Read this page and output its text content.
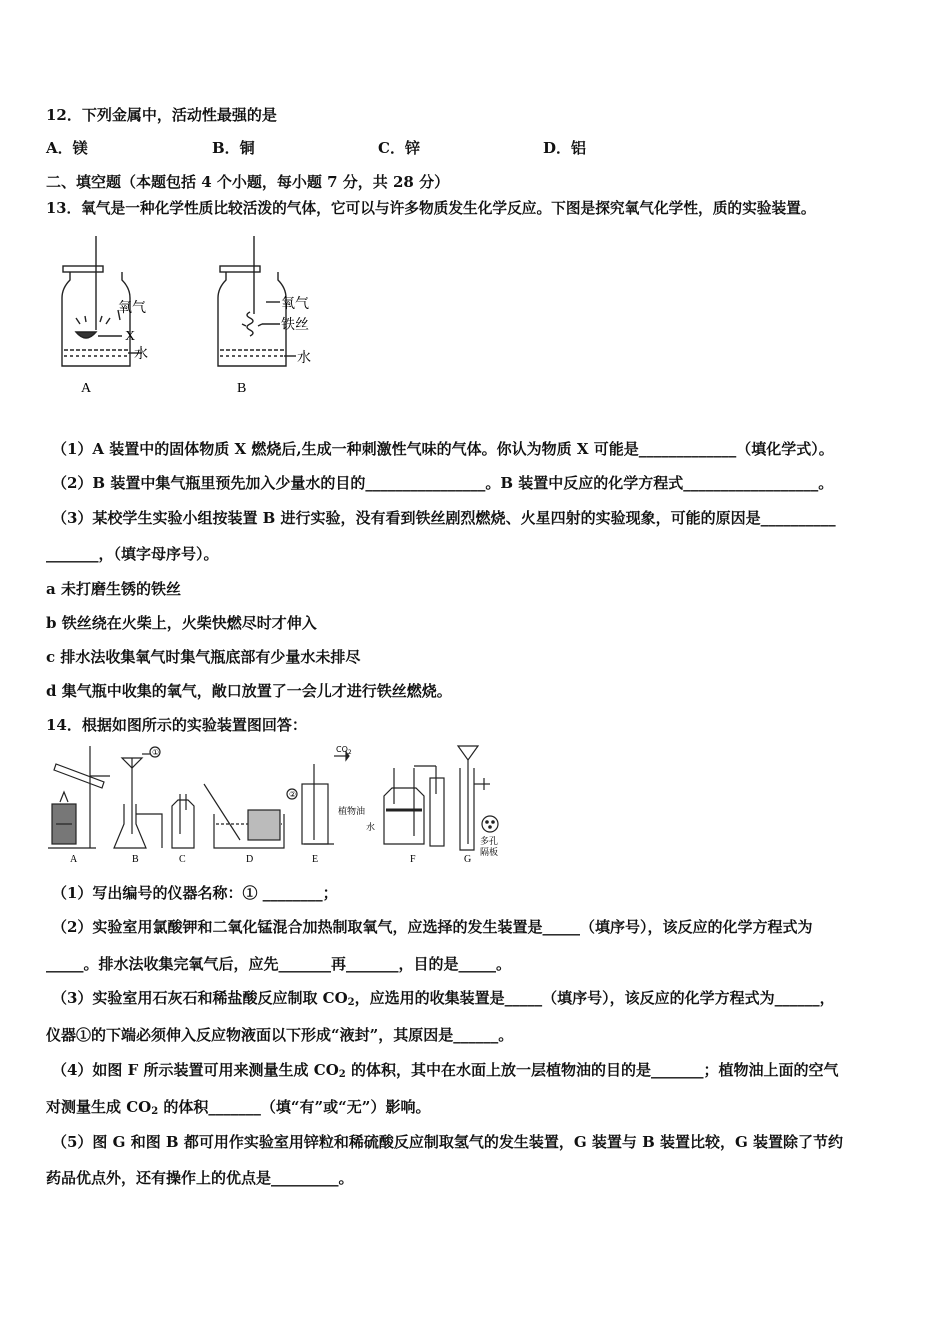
12．下列金属中，活动性最强的是
A．镁	B．铜	C．锌	D．铝
二、填空题（本题包括 4 个小题，每小题 7 分，共 28 分）
13．氧气是一种化学性质比较活泼的气体，它可以与许多物质发生化学反应。下图是探究氧气化学性，质的实验装置。
氧气
X
水
A
氧气
铁丝
水
B
（1）A 装置中的固体物质 X 燃烧后,生成一种刺激性气味的气体。你认为物质 X 可能是_____________（填化学式）。
（2）B 装置中集气瓶里预先加入少量水的目的________________。B 装置中反应的化学方程式__________________。
（3）某校学生实验小组按装置 B 进行实验，没有看到铁丝剧烈燃烧、火星四射的实验现象，可能的原因是__________
_______，（填字母序号）。
a 未打磨生锈的铁丝
b 铁丝绕在火柴上，火柴快燃尽时才伸入
c 排水法收集氧气时集气瓶底部有少量水未排尽
d 集气瓶中收集的氧气，敞口放置了一会儿才进行铁丝燃烧。
14．根据如图所示的实验装置图回答：
①
②
$CO_2$
植物油
水
多孔
隔板
A	B	C	D	E	F	G
（1）写出编号的仪器名称：① ________；
（2）实验室用氯酸钾和二氧化锰混合加热制取氧气，应选择的发生装置是_____（填序号），该反应的化学方程式为
_____。排水法收集完氧气后，应先_______再_______，目的是_____。
（3）实验室用石灰石和稀盐酸反应制取 $CO_2$，应选用的收集装置是_____（填序号），该反应的化学方程式为______，
仪器①的下端必须伸入反应物液面以下形成“液封”，其原因是______。
（4）如图 F 所示装置可用来测量生成 $CO_2$ 的体积，其中在水面上放一层植物油的目的是_______；植物油上面的空气
对测量生成 $CO_2$ 的体积_______（填“有”或“无”）影响。
（5）图 G 和图 B 都可用作实验室用锌粒和稀硫酸反应制取氢气的发生装置，G 装置与 B 装置比较，G 装置除了节约
药品优点外，还有操作上的优点是_________。
